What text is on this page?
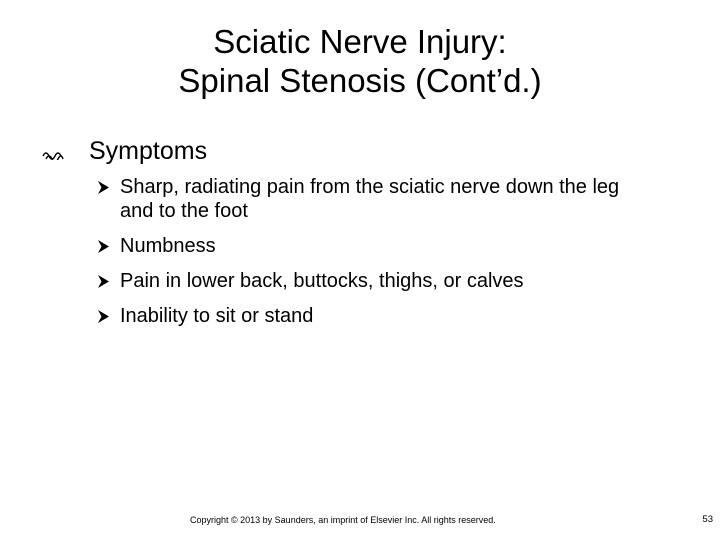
Sciatic Nerve Injury:
Spinal Stenosis (Cont’d.)
Symptoms
Sharp, radiating pain from the sciatic nerve down the leg and to the foot
Numbness
Pain in lower back, buttocks, thighs, or calves
Inability to sit or stand
Copyright © 2013 by Saunders, an imprint of Elsevier Inc. All rights reserved.	53
